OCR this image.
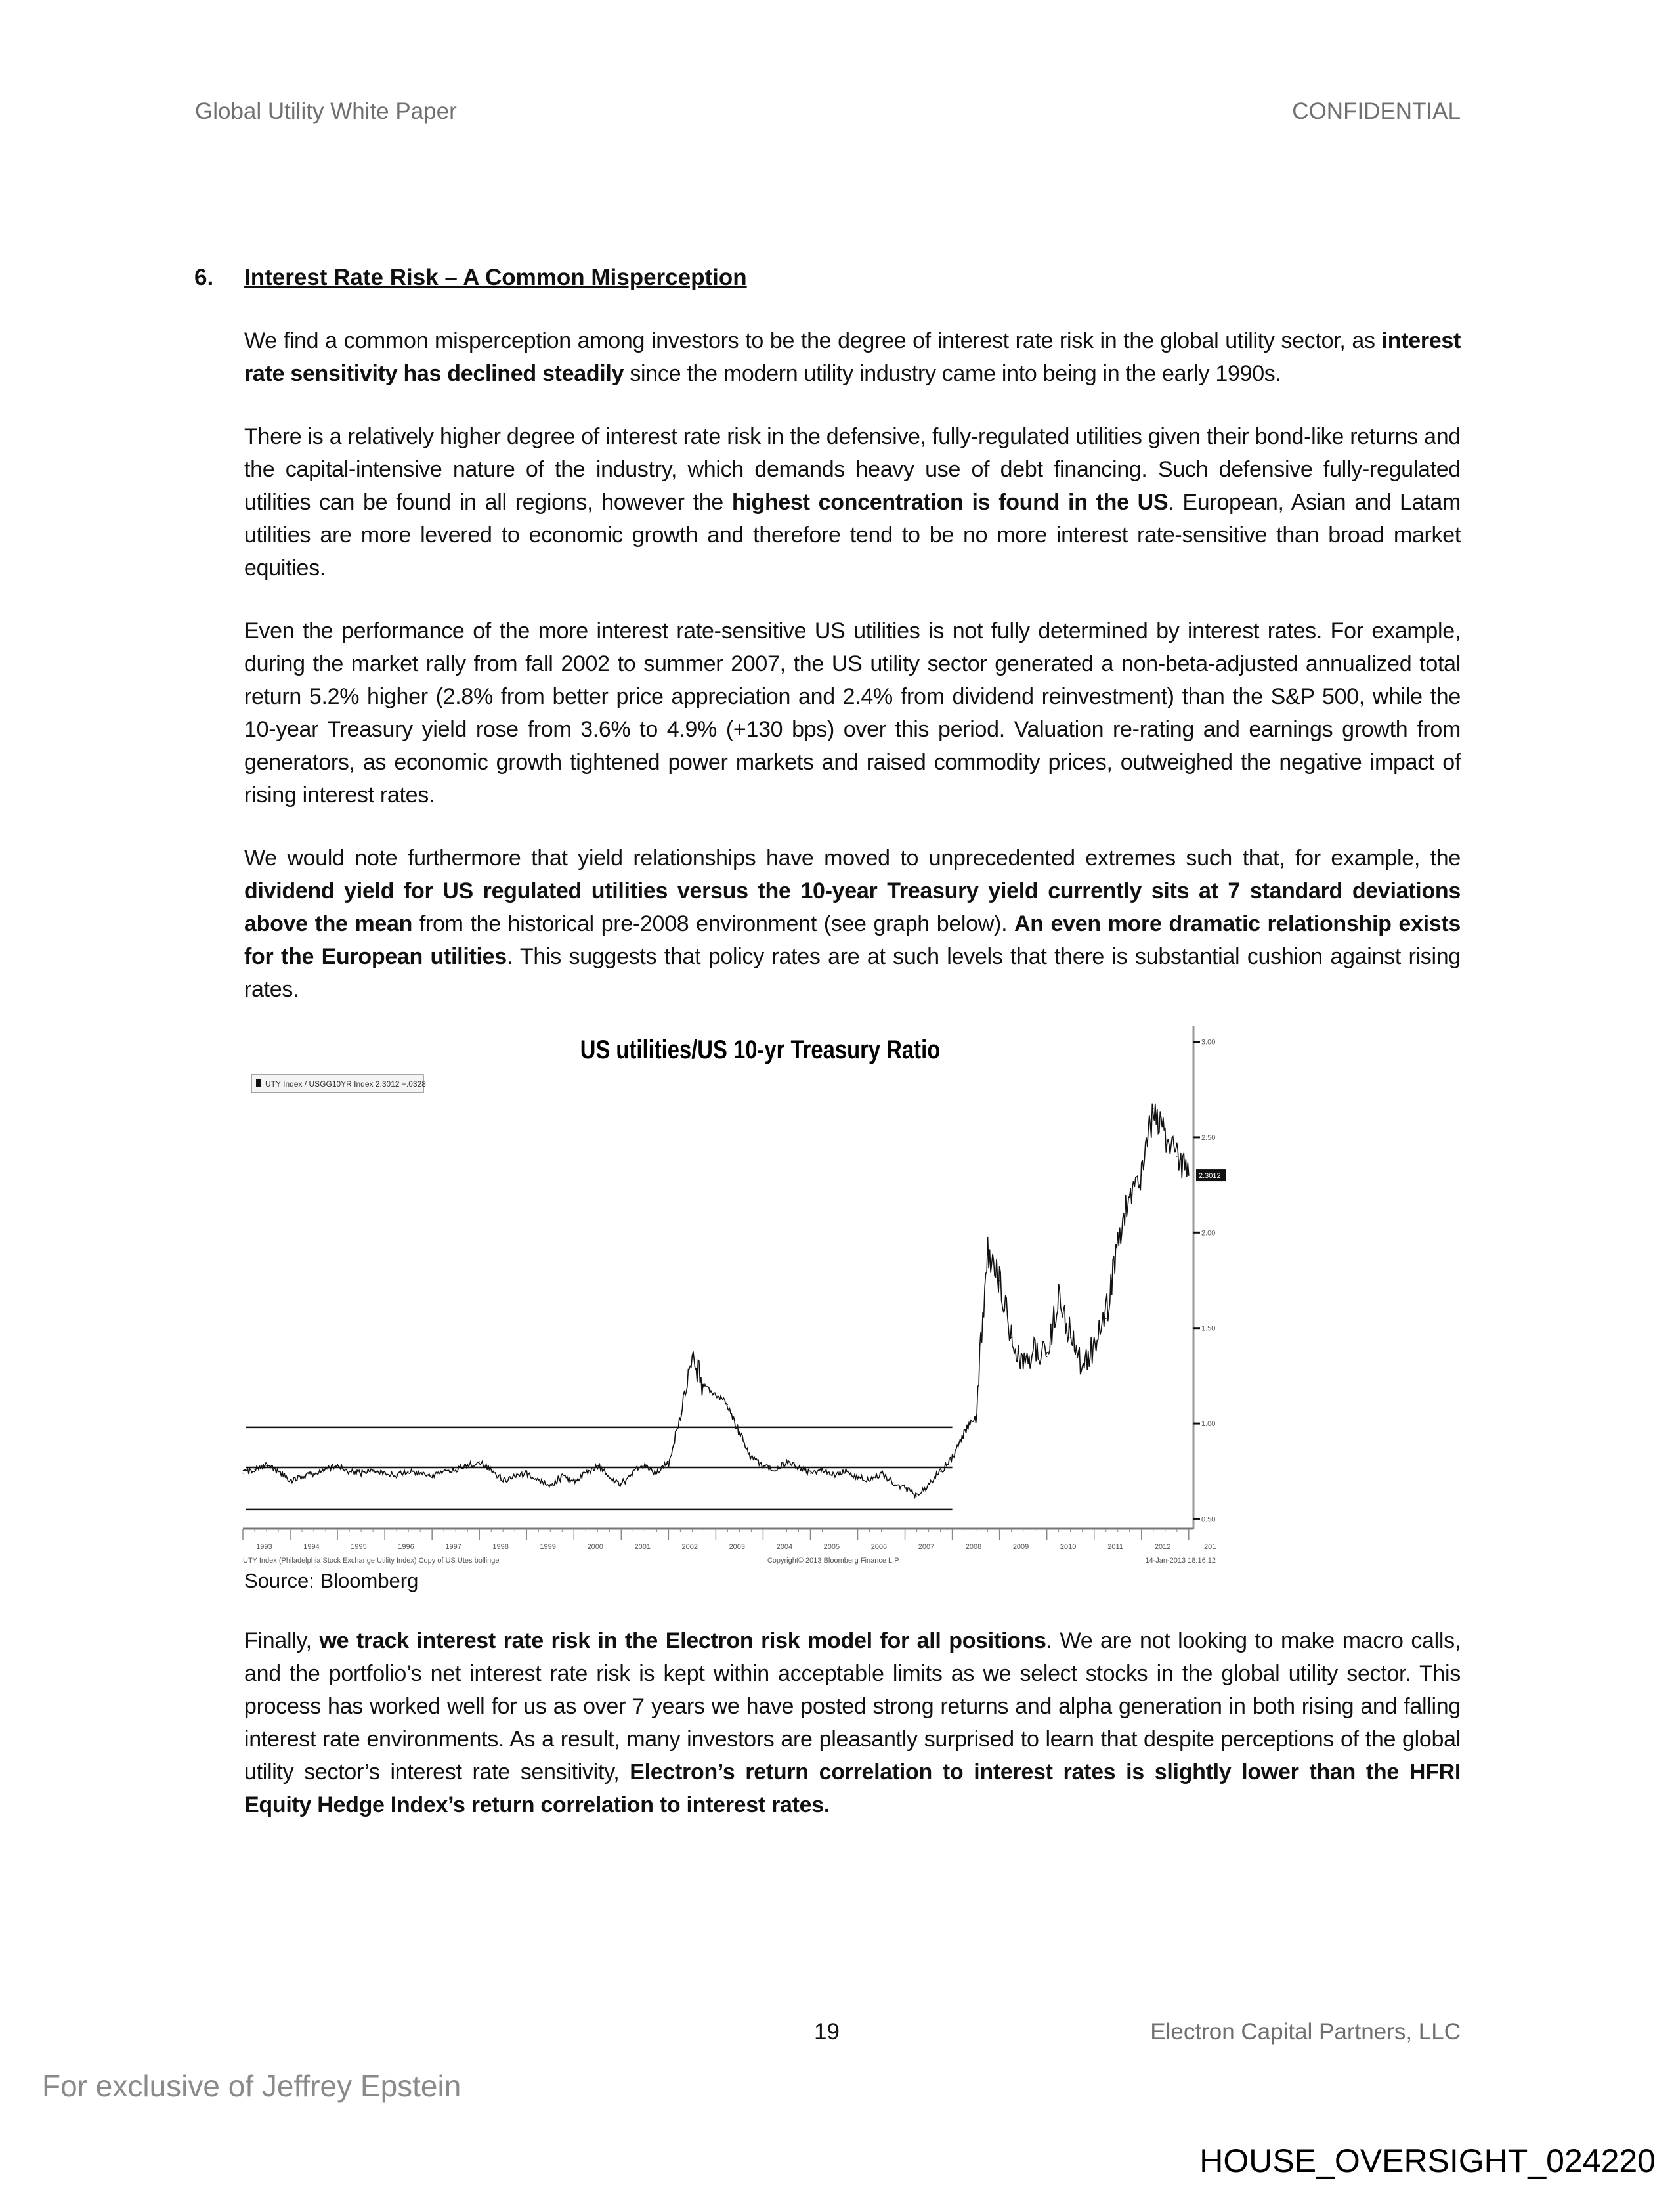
Global Utility White Paper	CONFIDENTIAL
6. Interest Rate Risk – A Common Misperception
We find a common misperception among investors to be the degree of interest rate risk in the global utility sector, as interest rate sensitivity has declined steadily since the modern utility industry came into being in the early 1990s.
There is a relatively higher degree of interest rate risk in the defensive, fully-regulated utilities given their bond-like returns and the capital-intensive nature of the industry, which demands heavy use of debt financing. Such defensive fully-regulated utilities can be found in all regions, however the highest concentration is found in the US. European, Asian and Latam utilities are more levered to economic growth and therefore tend to be no more interest rate-sensitive than broad market equities.
Even the performance of the more interest rate-sensitive US utilities is not fully determined by interest rates. For example, during the market rally from fall 2002 to summer 2007, the US utility sector generated a non-beta-adjusted annualized total return 5.2% higher (2.8% from better price appreciation and 2.4% from dividend reinvestment) than the S&P 500, while the 10-year Treasury yield rose from 3.6% to 4.9% (+130 bps) over this period. Valuation re-rating and earnings growth from generators, as economic growth tightened power markets and raised commodity prices, outweighed the negative impact of rising interest rates.
We would note furthermore that yield relationships have moved to unprecedented extremes such that, for example, the dividend yield for US regulated utilities versus the 10-year Treasury yield currently sits at 7 standard deviations above the mean from the historical pre-2008 environment (see graph below). An even more dramatic relationship exists for the European utilities. This suggests that policy rates are at such levels that there is substantial cushion against rising rates.
US utilities/US 10-yr Treasury Ratio
UTY Index / USGG10YR Index 2.3012 +.0328
3.00
2.50
2.00
1.50
1.00
0.50
1993	1994	1995	1996	1997	1998	1999	2000	2001	2002	2003	2004	2005	2006	2007	2008	2009	2010	2011	2012	201
2.3012
UTY Index (Philadelphia Stock Exchange Utility Index) Copy of US Utes bollinge	Copyright© 2013 Bloomberg Finance L.P.	14-Jan-2013 18:16:12
Source: Bloomberg
Finally, we track interest rate risk in the Electron risk model for all positions. We are not looking to make macro calls, and the portfolio’s net interest rate risk is kept within acceptable limits as we select stocks in the global utility sector. This process has worked well for us as over 7 years we have posted strong returns and alpha generation in both rising and falling interest rate environments. As a result, many investors are pleasantly surprised to learn that despite perceptions of the global utility sector’s interest rate sensitivity, Electron’s return correlation to interest rates is slightly lower than the HFRI Equity Hedge Index’s return correlation to interest rates.
19	Electron Capital Partners, LLC
For exclusive of Jeffrey Epstein
HOUSE_OVERSIGHT_024220
